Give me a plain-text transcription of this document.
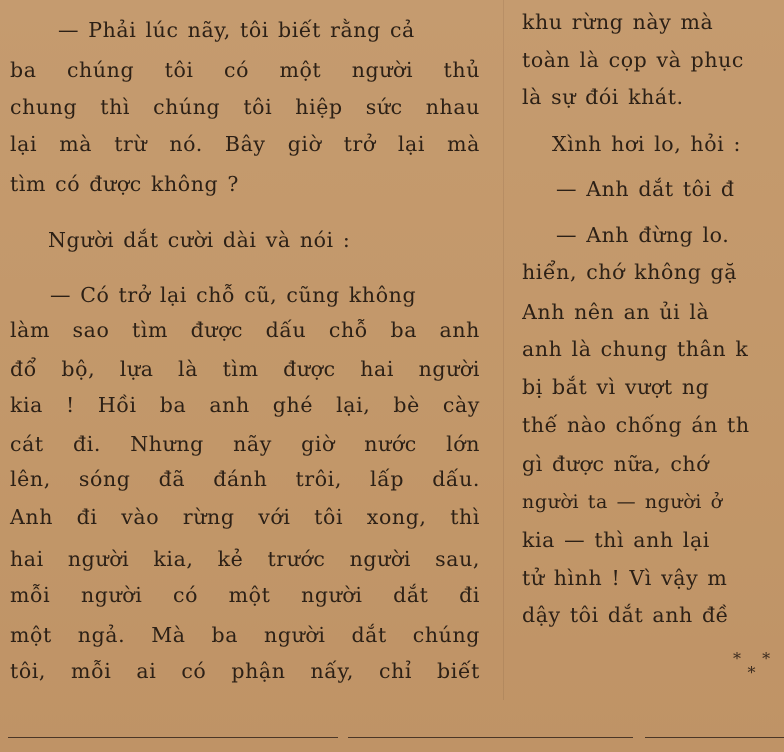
— Phải lúc nãy, tôi biết rằng cả
ba chúng tôi có một người thủ
chung thì chúng tôi hiệp sức nhau
lại mà trừ nó. Bây giờ trở lại mà
tìm có được không ?
Người dắt cười dài và nói :
— Có trở lại chỗ cũ, cũng không
làm sao tìm được dấu chỗ ba anh
đổ bộ, lựa là tìm được hai người
kia ! Hồi ba anh ghé lại, bè cày
cát đi. Nhưng nãy giờ nước lớn
lên, sóng đã đánh trôi, lấp dấu.
Anh đi vào rừng với tôi xong, thì
hai người kia, kẻ trước người sau,
mỗi người có một người dắt đi
một ngả. Mà ba người dắt chúng
tôi, mỗi ai có phận nấy, chỉ biết
khu rừng này mà
toàn là cọp và phục
là sự đói khát.
Xình hơi lo, hỏi :
— Anh dắt tôi đ
— Anh đừng lo.
hiển, chớ không gặ
Anh nên an ủi là
anh là chung thân k
bị bắt vì vượt ng
thế nào chống án th
gì được nữa, chớ
người ta — người ở
kia — thì anh lại
tử hình ! Vì vậy m
dậy tôi dắt anh đề
* *
*
